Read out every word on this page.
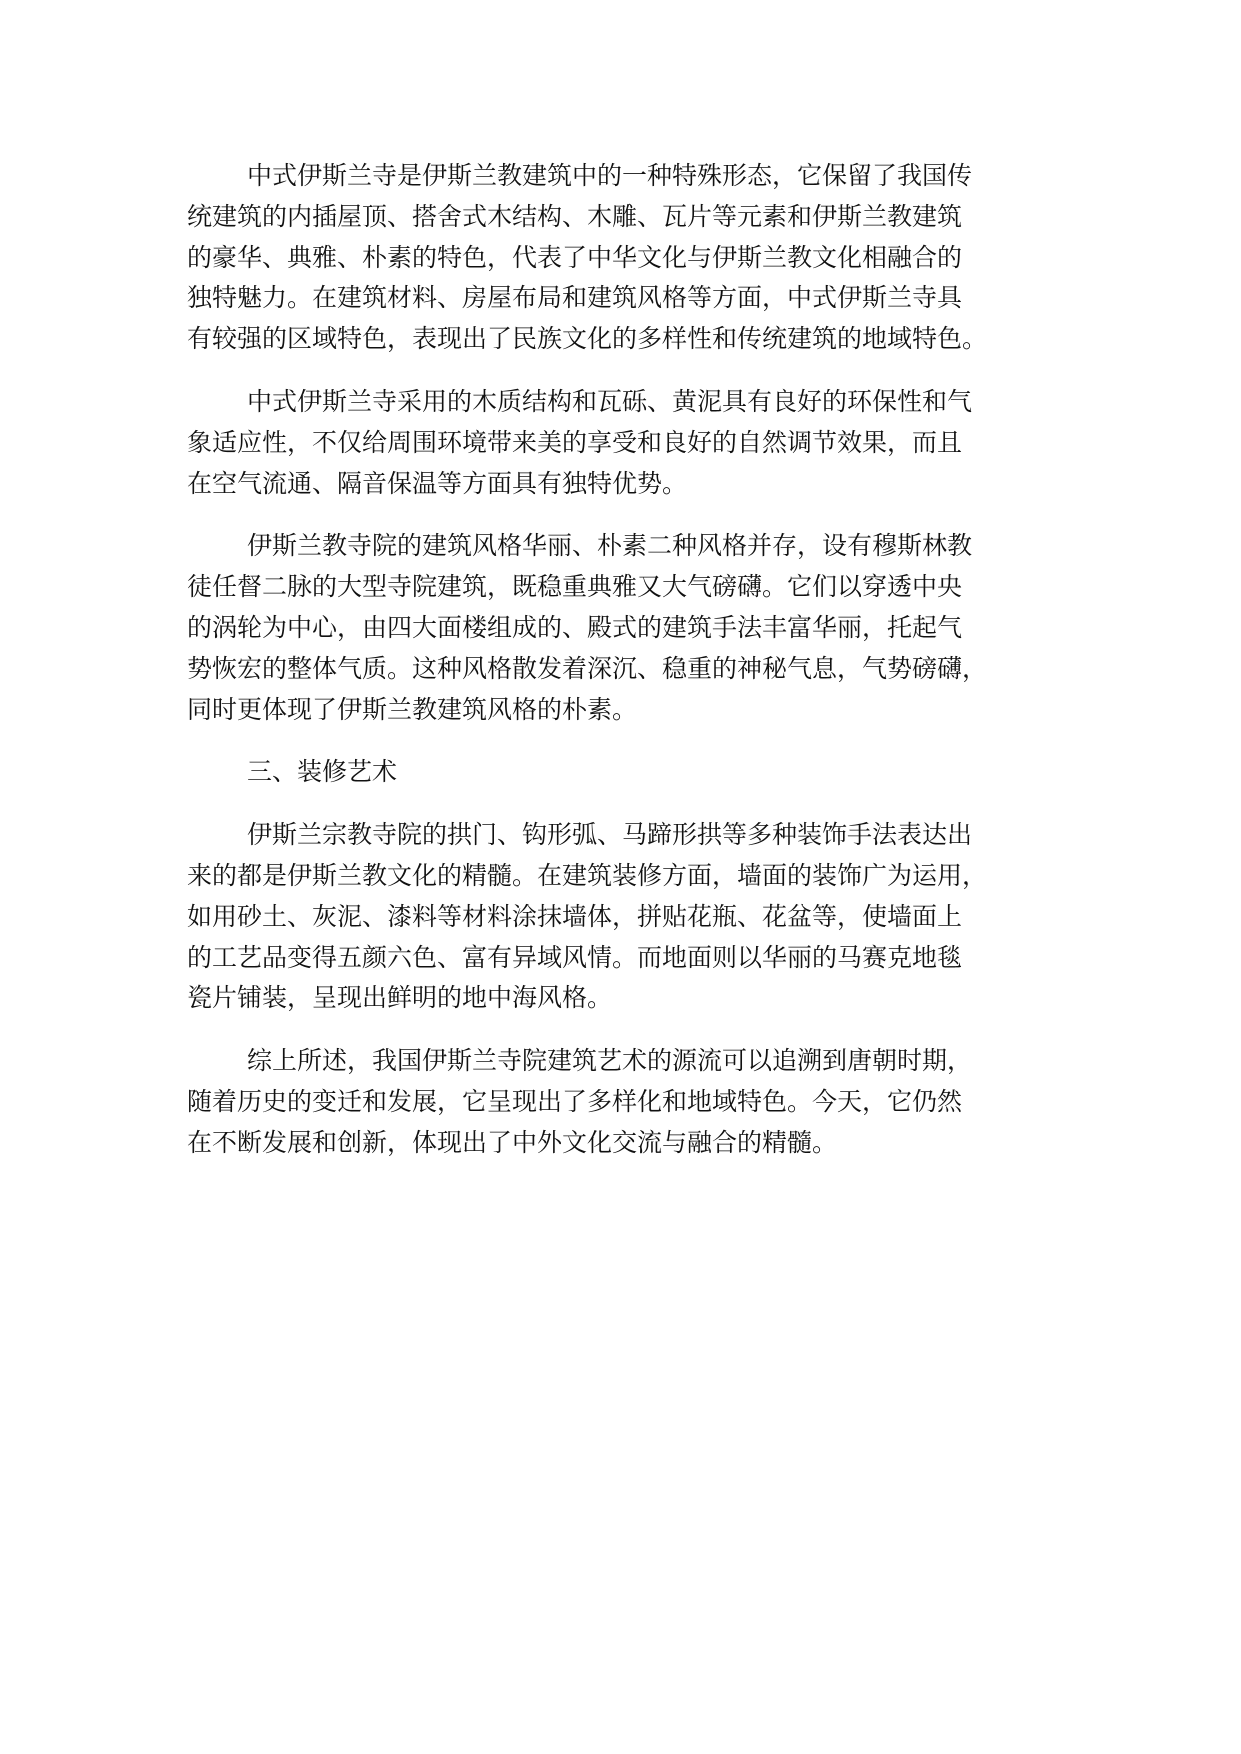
中式伊斯兰寺是伊斯兰教建筑中的一种特殊形态，它保留了我国传
统建筑的内插屋顶、搭舍式木结构、木雕、瓦片等元素和伊斯兰教建筑
的豪华、典雅、朴素的特色，代表了中华文化与伊斯兰教文化相融合的
独特魅力。在建筑材料、房屋布局和建筑风格等方面，中式伊斯兰寺具
有较强的区域特色，表现出了民族文化的多样性和传统建筑的地域特色。

中式伊斯兰寺采用的木质结构和瓦砾、黄泥具有良好的环保性和气
象适应性，不仅给周围环境带来美的享受和良好的自然调节效果，而且
在空气流通、隔音保温等方面具有独特优势。

伊斯兰教寺院的建筑风格华丽、朴素二种风格并存，设有穆斯林教
徒任督二脉的大型寺院建筑，既稳重典雅又大气磅礴。它们以穿透中央
的涡轮为中心，由四大面楼组成的、殿式的建筑手法丰富华丽，托起气
势恢宏的整体气质。这种风格散发着深沉、稳重的神秘气息，气势磅礴，
同时更体现了伊斯兰教建筑风格的朴素。

三、装修艺术

伊斯兰宗教寺院的拱门、钩形弧、马蹄形拱等多种装饰手法表达出
来的都是伊斯兰教文化的精髓。在建筑装修方面，墙面的装饰广为运用，
如用砂土、灰泥、漆料等材料涂抹墙体，拼贴花瓶、花盆等，使墙面上
的工艺品变得五颜六色、富有异域风情。而地面则以华丽的马赛克地毯
瓷片铺装，呈现出鲜明的地中海风格。

综上所述，我国伊斯兰寺院建筑艺术的源流可以追溯到唐朝时期，
随着历史的变迁和发展，它呈现出了多样化和地域特色。今天，它仍然
在不断发展和创新，体现出了中外文化交流与融合的精髓。
